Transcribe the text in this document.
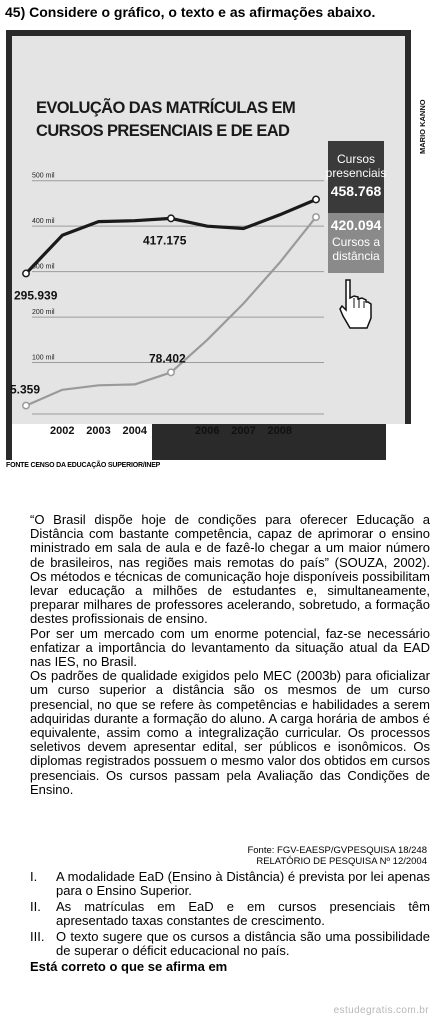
45) Considere o gráfico, o texto e as afirmações abaixo.
EVOLUÇÃO DAS MATRÍCULAS EM
CURSOS PRESENCIAIS E DE EAD
500 mil
400 mil
300 mil
200 mil
100 mil
2002 2003 2004	2006 2007 2008
295.939
417.175
5.359
78.402
Cursos
presenciais
458.768
420.094
Cursos a
distância
MARIO KANNO
FONTE CENSO DA EDUCAÇÃO SUPERIOR/INEP

“O Brasil dispõe hoje de condições para oferecer Educação a Distância com bastante competência, capaz de aprimorar o ensino ministrado em sala de aula e de fazê-lo chegar a um maior número de brasileiros, nas regiões mais remotas do país” (SOUZA, 2002). Os métodos e técnicas de comunicação hoje disponíveis possibilitam levar educação a milhões de estudantes e, simultaneamente, preparar milhares de professores acelerando, sobretudo, a formação destes profissionais de ensino.

Por ser um mercado com um enorme potencial, faz-se necessário enfatizar a importância do levantamento da situação atual da EAD nas IES, no Brasil.

Os padrões de qualidade exigidos pelo MEC (2003b) para oficializar um curso superior a distância são os mesmos de um curso presencial, no que se refere às competências e habilidades a serem adquiridas durante a formação do aluno. A carga horária de ambos é equivalente, assim como a integralização curricular. Os processos seletivos devem apresentar edital, ser públicos e isonômicos. Os diplomas registrados possuem o mesmo valor dos obtidos em cursos presenciais. Os cursos passam pela Avaliação das Condições de Ensino.

Fonte: FGV-EAESP/GVPESQUISA 18/248
RELATÓRIO DE PESQUISA Nº 12/2004
I. A modalidade EaD (Ensino à Distância) é prevista por lei apenas para o Ensino Superior.
II. As matrículas em EaD e em cursos presenciais têm apresentado taxas constantes de crescimento.
III. O texto sugere que os cursos a distância são uma possibilidade de superar o déficit educacional no país.
Está correto o que se afirma em
estudegratis.com.br
